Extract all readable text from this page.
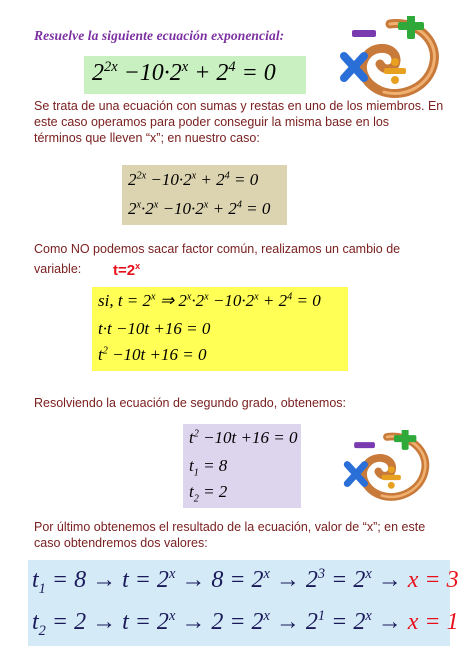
Resuelve la siguiente ecuación exponencial:
$2^{2x} -10\cdot 2^x + 2^4 = 0$
Se trata de una ecuación con sumas y restas en uno de los miembros. En
este caso operamos para poder conseguir la misma base en los
términos que lleven “x”; en nuestro caso:
$2^{2x} -10\cdot 2^x + 2^4 = 0$
$2^x\cdot 2^x -10\cdot 2^x + 2^4 = 0$
Como NO podemos sacar factor común, realizamos un cambio de
variable:	$t=2^x$
si, $t = 2^x$ ⇒ $2^x\cdot 2^x -10\cdot 2^x + 2^4 = 0$
t·t −10t +16 = 0
$t^2 -10t +16 = 0$
Resolviendo la ecuación de segundo grado, obtenemos:
$t^2 -10t +16 = 0$
$t_1 = 8$
$t_2 = 2$
Por último obtenemos el resultado de la ecuación, valor de “x”; en este
caso obtendremos dos valores:
$t_1 = 8 \to t = 2^x \to 8 = 2^x \to 2^3 = 2^x \to x = 3$
$t_2 = 2 \to t = 2^x \to 2 = 2^x \to 2^1 = 2^x \to x = 1$
